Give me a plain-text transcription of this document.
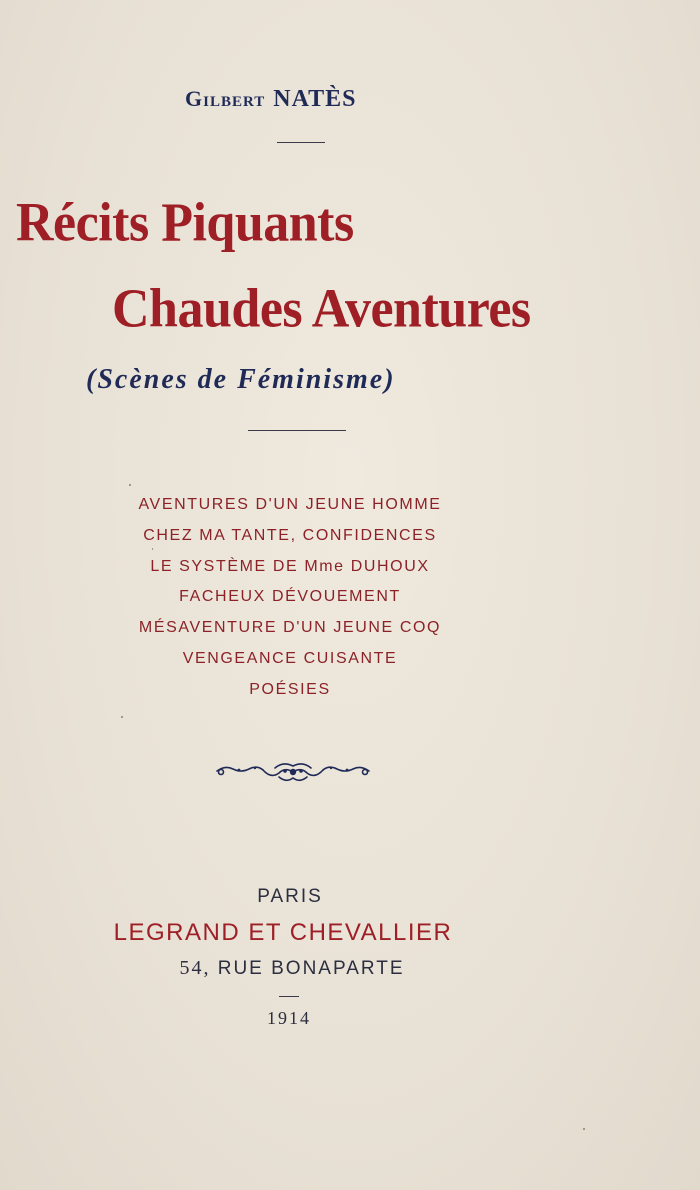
Gilbert NATÈS
Récits Piquants
Chaudes Aventures
(Scènes de Féminisme)
AVENTURES D'UN JEUNE HOMME
CHEZ MA TANTE, CONFIDENCES
LE SYSTÈME DE Mme DUHOUX
FACHEUX DÉVOUEMENT
MÉSAVENTURE D'UN JEUNE COQ
VENGEANCE CUISANTE
POÉSIES
PARIS
LEGRAND ET CHEVALLIER
54, RUE BONAPARTE
1914
